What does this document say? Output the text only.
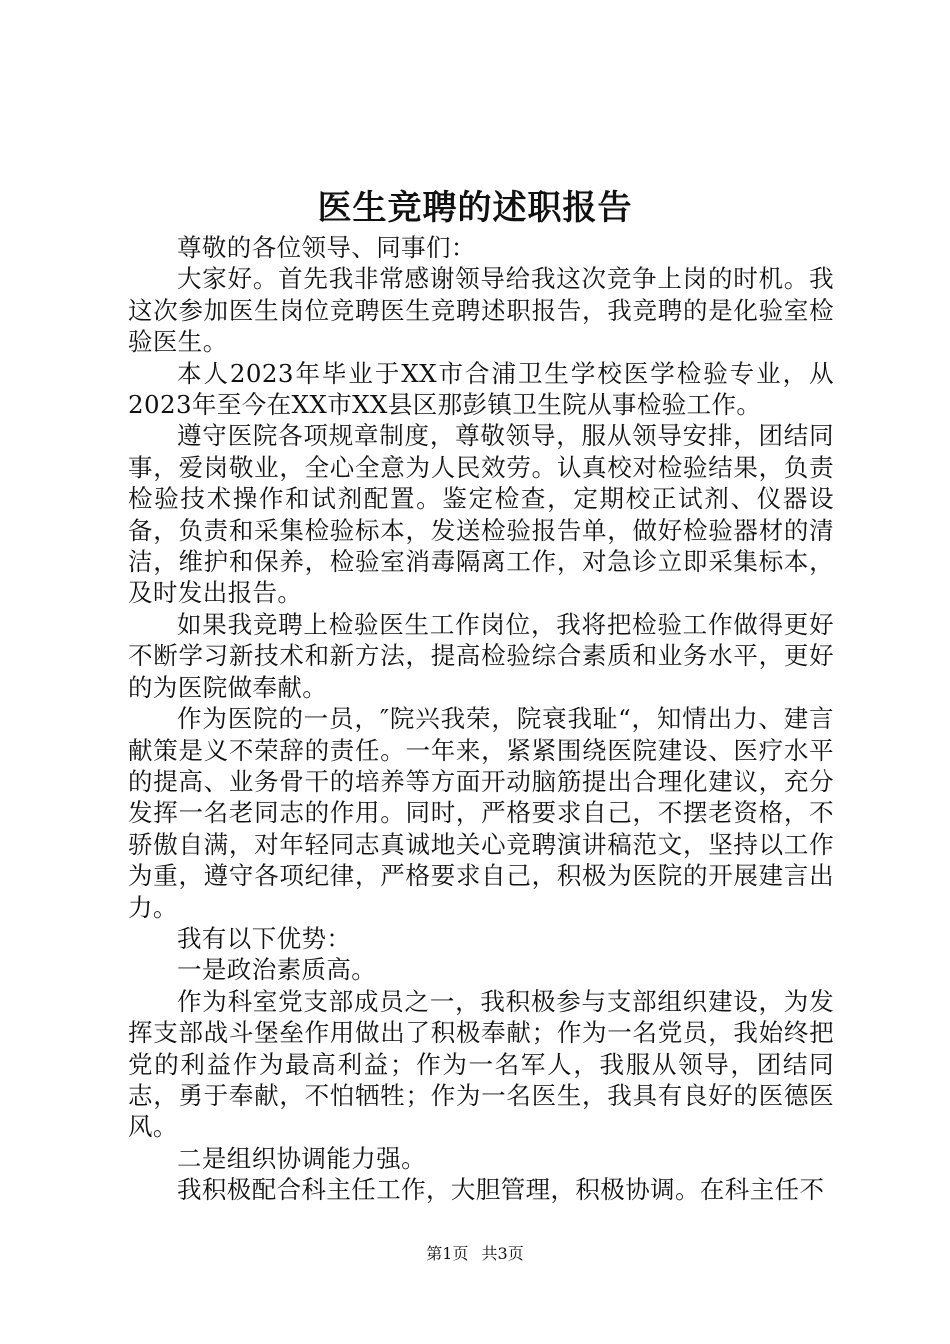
医生竞聘的述职报告

尊敬的各位领导、同事们：

大家好。首先我非常感谢领导给我这次竞争上岗的时机。我这次参加医生岗位竞聘医生竞聘述职报告，我竞聘的是化验室检验医生。

本人2023年毕业于XX市合浦卫生学校医学检验专业，从2023年至今在XX市XX县区那彭镇卫生院从事检验工作。

遵守医院各项规章制度，尊敬领导，服从领导安排，团结同事，爱岗敬业，全心全意为人民效劳。认真校对检验结果，负责检验技术操作和试剂配置。鉴定检查，定期校正试剂、仪器设备，负责和采集检验标本，发送检验报告单，做好检验器材的清洁，维护和保养，检验室消毒隔离工作，对急诊立即采集标本，及时发出报告。

如果我竞聘上检验医生工作岗位，我将把检验工作做得更好不断学习新技术和新方法，提高检验综合素质和业务水平，更好的为医院做奉献。

作为医院的一员，″院兴我荣，院衰我耻“，知情出力、建言献策是义不荣辞的责任。一年来，紧紧围绕医院建设、医疗水平的提高、业务骨干的培养等方面开动脑筋提出合理化建议，充分发挥一名老同志的作用。同时，严格要求自己，不摆老资格，不骄傲自满，对年轻同志真诚地关心竞聘演讲稿范文，坚持以工作为重，遵守各项纪律，严格要求自己，积极为医院的开展建言出力。

我有以下优势：

一是政治素质高。

作为科室党支部成员之一，我积极参与支部组织建设，为发挥支部战斗堡垒作用做出了积极奉献；作为一名党员，我始终把党的利益作为最高利益；作为一名军人，我服从领导，团结同志，勇于奉献，不怕牺牲；作为一名医生，我具有良好的医德医风。

二是组织协调能力强。

我积极配合科主任工作，大胆管理，积极协调。在科主任不

第1页 共3页
